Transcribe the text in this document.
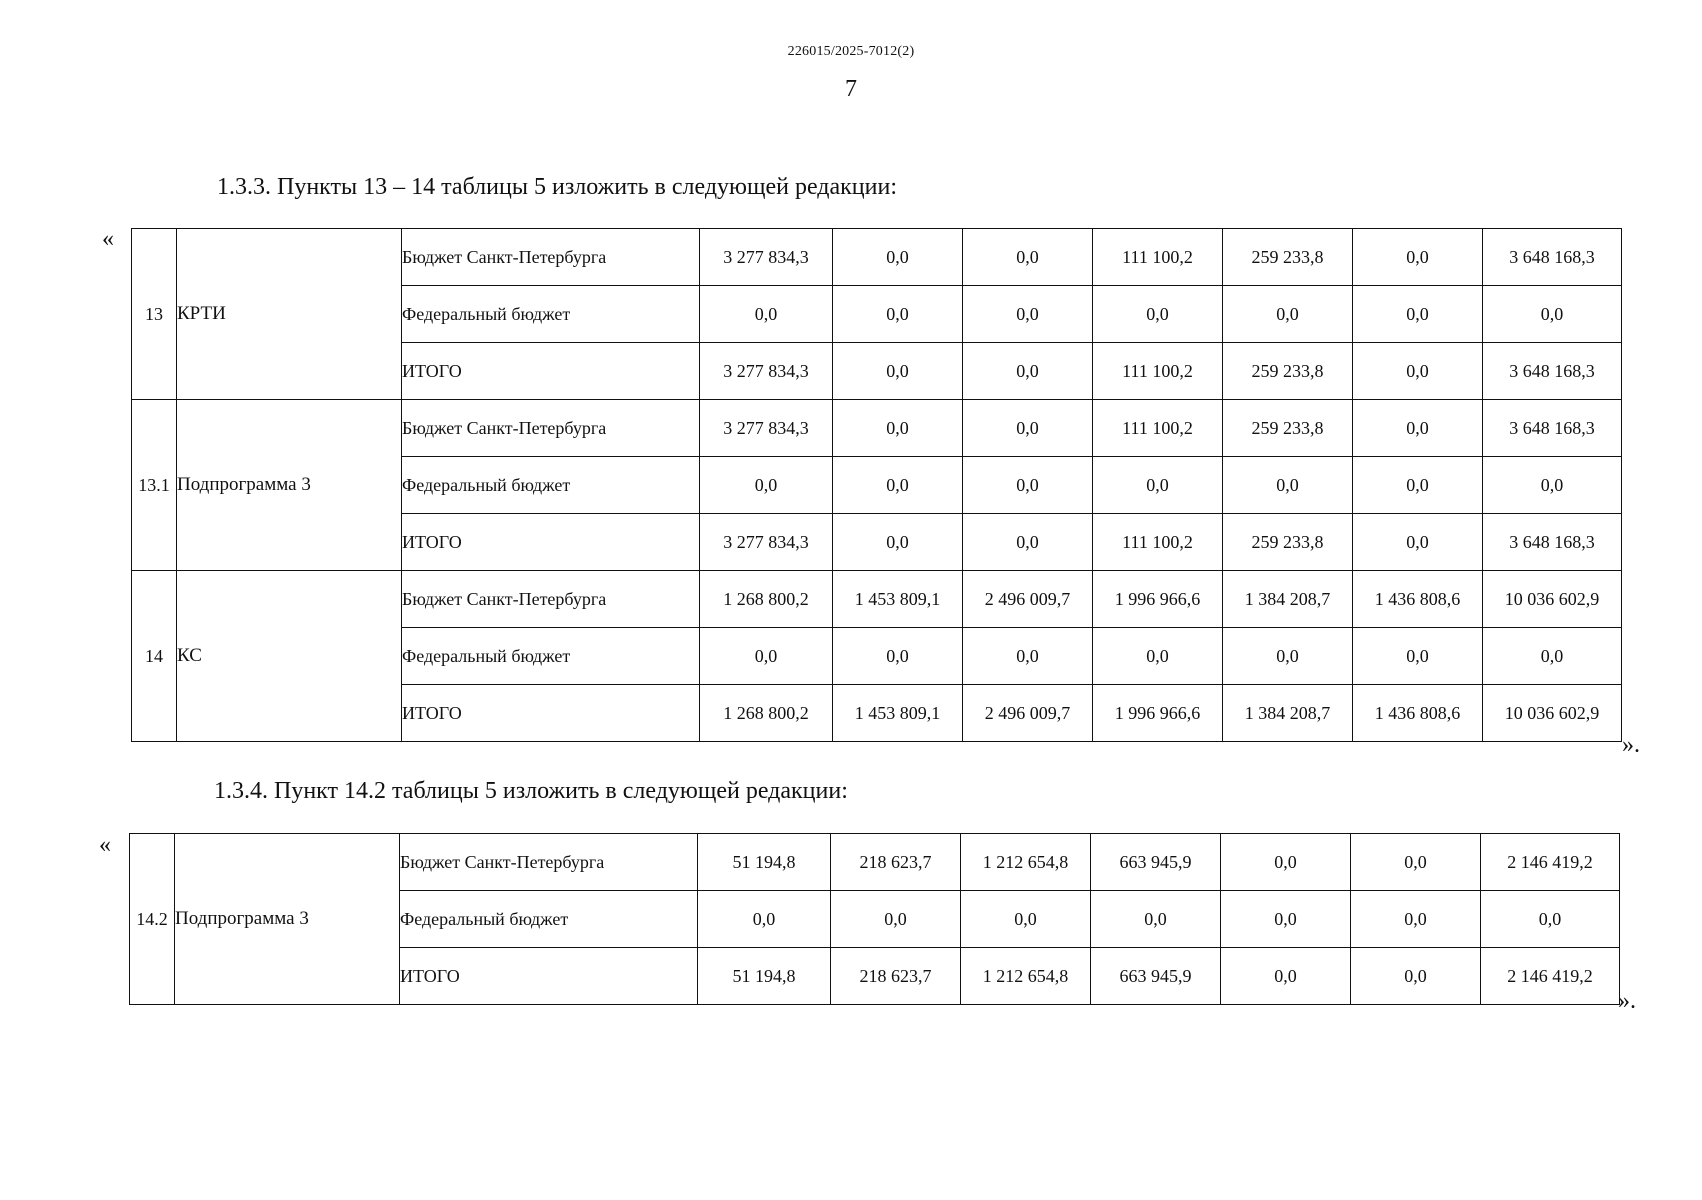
226015/2025-7012(2)
7
1.3.3. Пункты 13 – 14 таблицы 5 изложить в следующей редакции:
«
13	КРТИ	Бюджет Санкт-Петербурга	3 277 834,3	0,0	0,0	111 100,2	259 233,8	0,0	3 648 168,3
		Федеральный бюджет	0,0	0,0	0,0	0,0	0,0	0,0	0,0
		ИТОГО	3 277 834,3	0,0	0,0	111 100,2	259 233,8	0,0	3 648 168,3
13.1	Подпрограмма 3	Бюджет Санкт-Петербурга	3 277 834,3	0,0	0,0	111 100,2	259 233,8	0,0	3 648 168,3
		Федеральный бюджет	0,0	0,0	0,0	0,0	0,0	0,0	0,0
		ИТОГО	3 277 834,3	0,0	0,0	111 100,2	259 233,8	0,0	3 648 168,3
14	КС	Бюджет Санкт-Петербурга	1 268 800,2	1 453 809,1	2 496 009,7	1 996 966,6	1 384 208,7	1 436 808,6	10 036 602,9
		Федеральный бюджет	0,0	0,0	0,0	0,0	0,0	0,0	0,0
		ИТОГО	1 268 800,2	1 453 809,1	2 496 009,7	1 996 966,6	1 384 208,7	1 436 808,6	10 036 602,9
».
1.3.4. Пункт 14.2 таблицы 5 изложить в следующей редакции:
«
14.2	Подпрограмма 3	Бюджет Санкт-Петербурга	51 194,8	218 623,7	1 212 654,8	663 945,9	0,0	0,0	2 146 419,2
		Федеральный бюджет	0,0	0,0	0,0	0,0	0,0	0,0	0,0
		ИТОГО	51 194,8	218 623,7	1 212 654,8	663 945,9	0,0	0,0	2 146 419,2
».
